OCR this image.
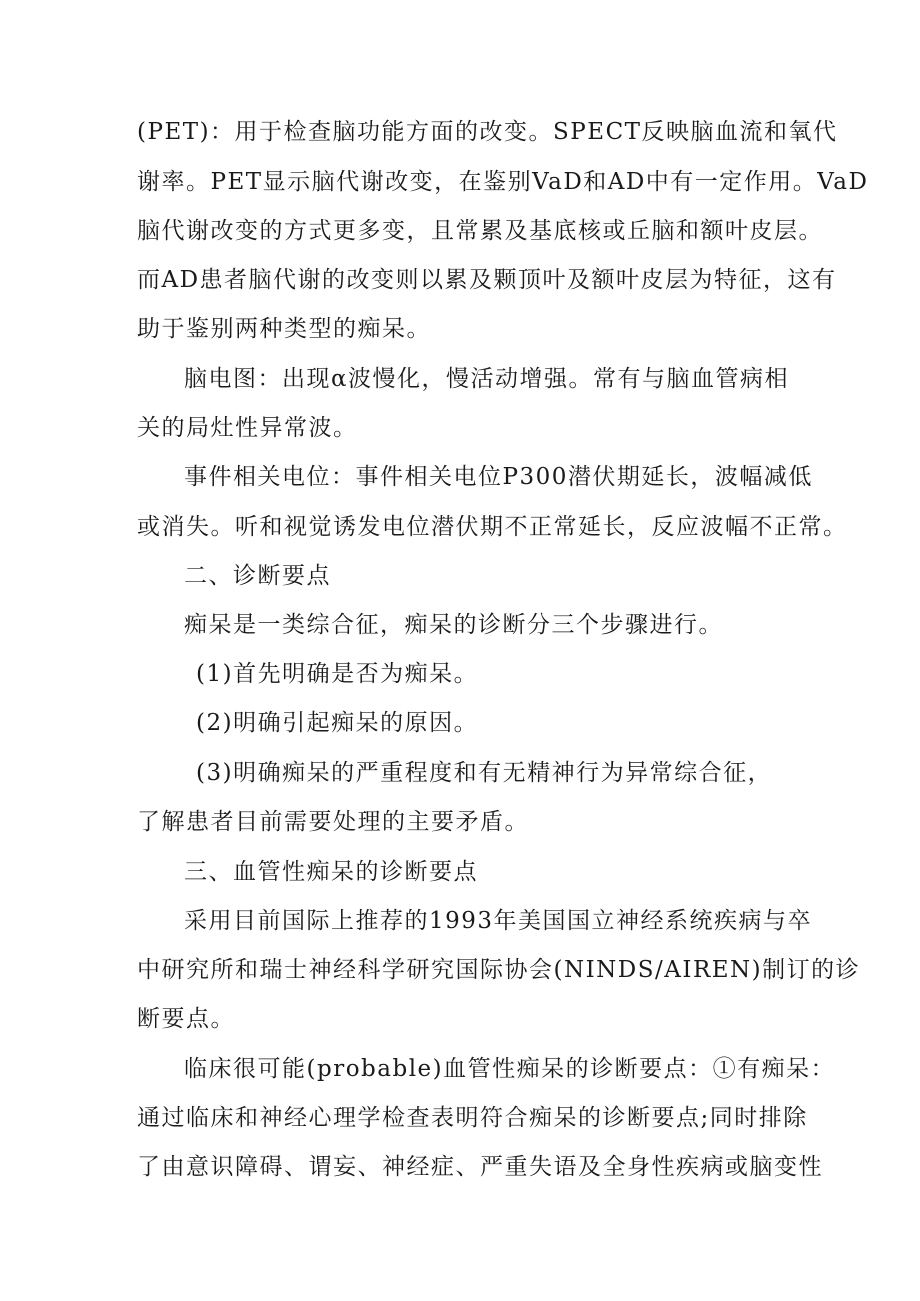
(PET)：用于检查脑功能方面的改变。SPECT反映脑血流和氧代
谢率。PET显示脑代谢改变，在鉴别VaD和AD中有一定作用。VaD
脑代谢改变的方式更多变，且常累及基底核或丘脑和额叶皮层。
而AD患者脑代谢的改变则以累及颗顶叶及额叶皮层为特征，这有
助于鉴别两种类型的痴呆。
脑电图：出现α波慢化，慢活动增强。常有与脑血管病相
关的局灶性异常波。
事件相关电位：事件相关电位P300潜伏期延长，波幅减低
或消失。听和视觉诱发电位潜伏期不正常延长，反应波幅不正常。
二、诊断要点
痴呆是一类综合征，痴呆的诊断分三个步骤进行。
(1)首先明确是否为痴呆。
(2)明确引起痴呆的原因。
(3)明确痴呆的严重程度和有无精神行为异常综合征，
了解患者目前需要处理的主要矛盾。
三、血管性痴呆的诊断要点
采用目前国际上推荐的1993年美国国立神经系统疾病与卒
中研究所和瑞士神经科学研究国际协会(NINDS/AIREN)制订的诊
断要点。
临床很可能(probable)血管性痴呆的诊断要点：①有痴呆：
通过临床和神经心理学检查表明符合痴呆的诊断要点;同时排除
了由意识障碍、谓妄、神经症、严重失语及全身性疾病或脑变性
